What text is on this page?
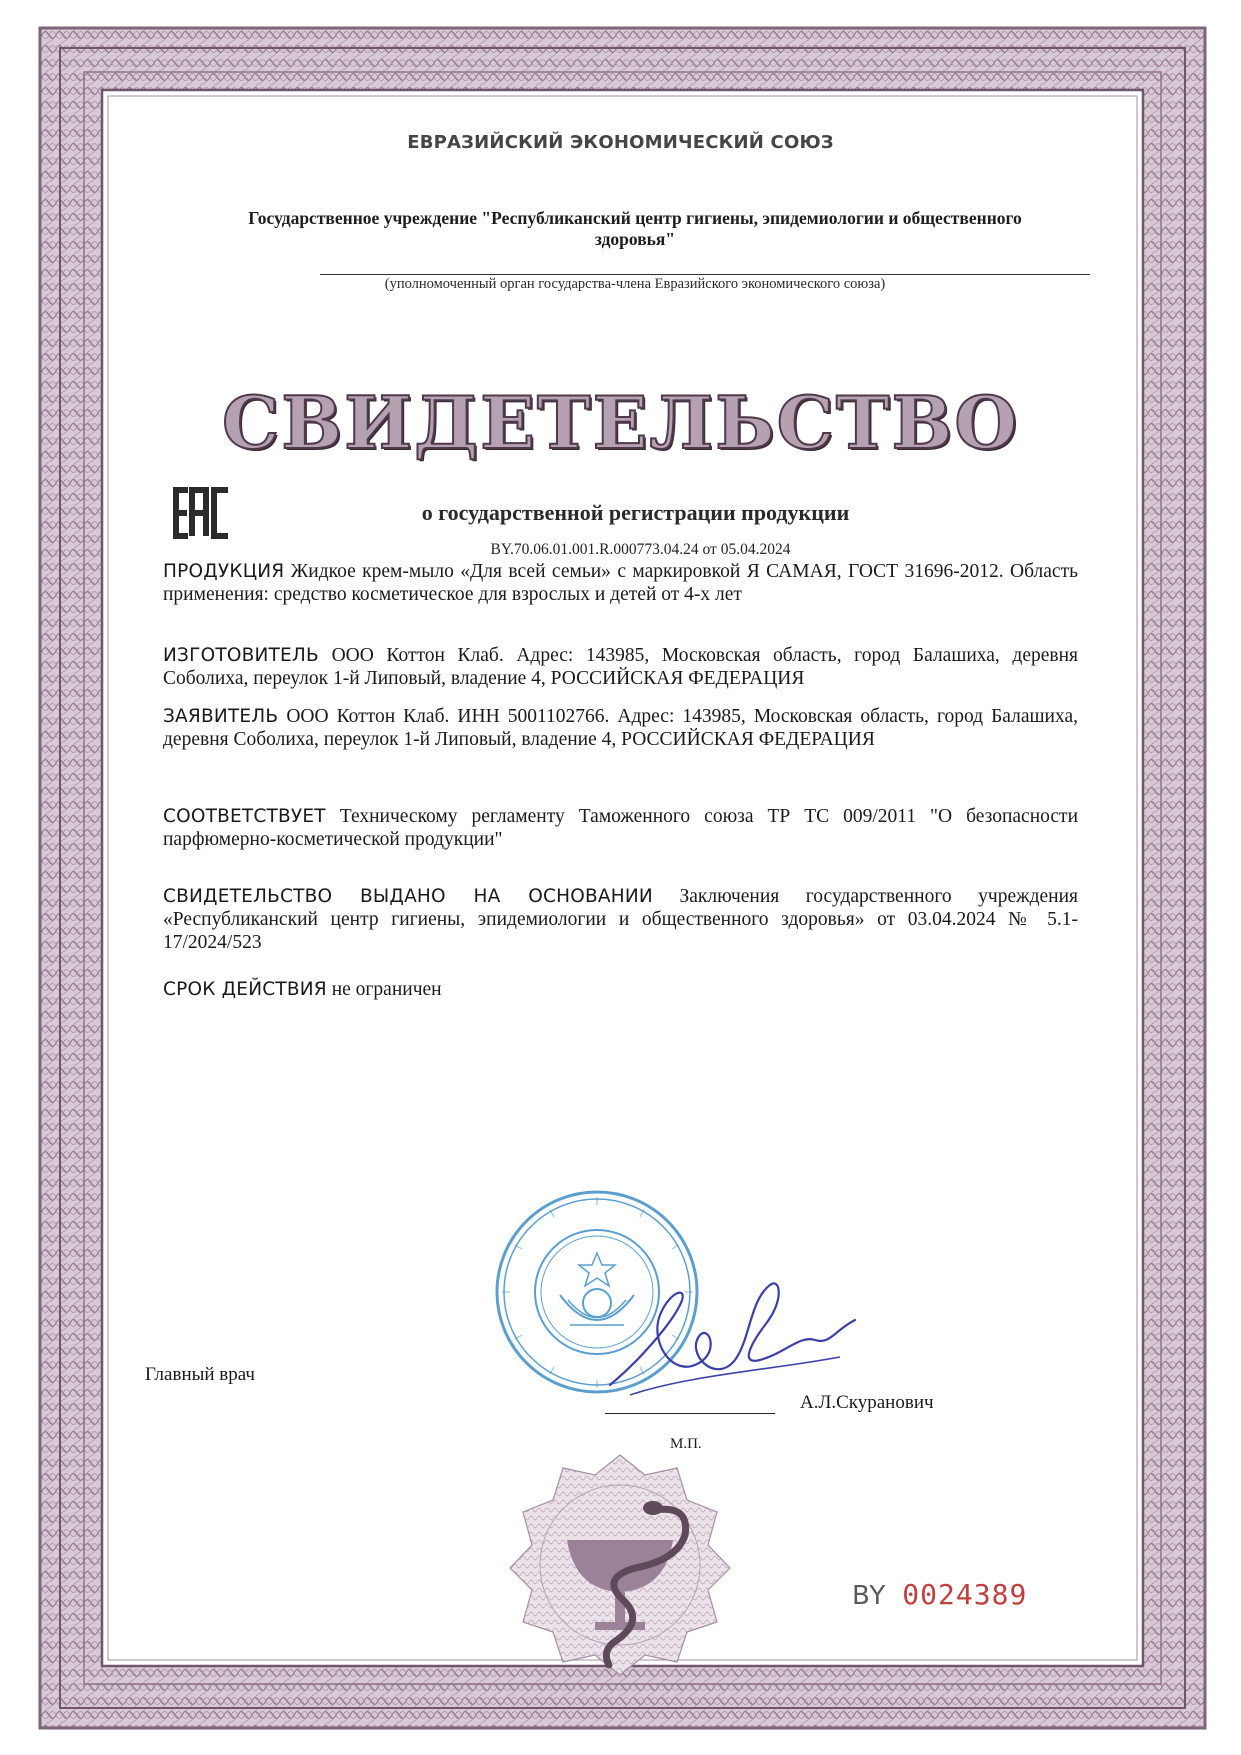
ЕВРАЗИЙСКИЙ ЭКОНОМИЧЕСКИЙ СОЮЗ
Государственное учреждение "Республиканский центр гигиены, эпидемиологии и общественного
здоровья"
(уполномоченный орган государства-члена Евразийского экономического союза)
СВИДЕТЕЛЬСТВО
о государственной регистрации продукции
BY.70.06.01.001.R.000773.04.24 от 05.04.2024
ПРОДУКЦИЯ Жидкое крем-мыло «Для всей семьи» с маркировкой Я САМАЯ, ГОСТ 31696-2012. Область применения: средство косметическое для взрослых и детей от 4-х лет
ИЗГОТОВИТЕЛЬ ООО Коттон Клаб. Адрес: 143985, Московская область, город Балашиха, деревня Соболиха, переулок 1-й Липовый, владение 4, РОССИЙСКАЯ ФЕДЕРАЦИЯ
ЗАЯВИТЕЛЬ ООО Коттон Клаб. ИНН 5001102766. Адрес: 143985, Московская область, город Балашиха, деревня Соболиха, переулок 1-й Липовый, владение 4, РОССИЙСКАЯ ФЕДЕРАЦИЯ
СООТВЕТСТВУЕТ Техническому регламенту Таможенного союза ТР ТС 009/2011 "О безопасности парфюмерно-косметической продукции"
СВИДЕТЕЛЬСТВО ВЫДАНО НА ОСНОВАНИИ Заключения государственного учреждения «Республиканский центр гигиены, эпидемиологии и общественного здоровья» от 03.04.2024 № 5.1-17/2024/523
СРОК ДЕЙСТВИЯ не ограничен
Главный врач
А.Л.Скуранович
М.П.
BY 0024389
